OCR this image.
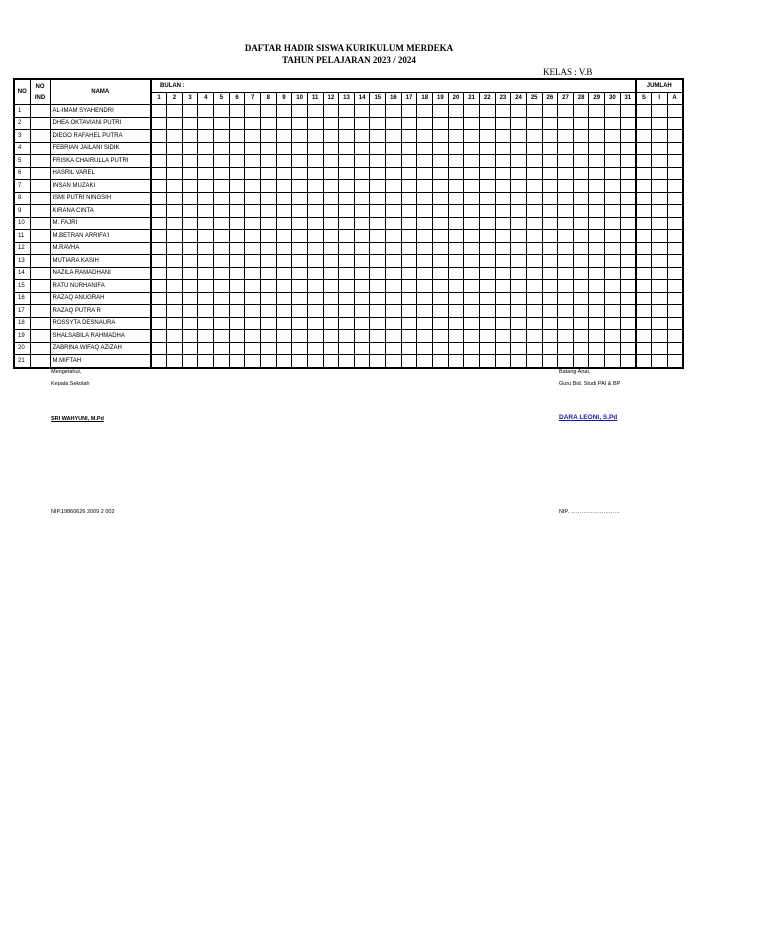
DAFTAR HADIR SISWA KURIKULUM MERDEKA
TAHUN PELAJARAN 2023 / 2024
KELAS : V.B
NO	NO
IND	NAMA	BULAN :																															JUMLAH		
			1	2	3	4	5	6	7	8	9	10	11	12	13	14	15	16	17	18	19	20	21	22	23	24	25	26	27	28	29	30	31	S	I	A
1		AL-IMAM SYAHENDRI																																		
2		DHEA OKTAVIANI PUTRI																																		
3		DIEGO RAFAHEL PUTRA																																		
4		FEBRIAN JAILANI SIDIK																																		
5		FRISKA CHAIRULLA PUTRI																																		
6		HASRIL VAREL																																		
7		INSAN MUZAKI																																		
8		ISMI PUTRI NINGSIH																																		
9		KIRANA CINTA																																		
10		M. FAJRI																																		
11		M.BETRAN ARRIFA'I																																		
12		M.RAVHA																																		
13		MUTIARA KASIH																																		
14		NAZILA RAMADHANI																																		
15		RATU NURHANIFA																																		
16		RAZAQ ANUGRAH																																		
17		RAZAQ PUTRA R																																		
18		ROSSYTA DESNAURA																																		
19		SHALSABILA RAHMADHA																																		
20		ZABRINA WIFAQ AZIZAH																																		
21		M.MIFTAH																																		
Mengetahui,
Kepala Sekolah
SRI WAHYUNI, M.Pd
NIP.19860626 2009 2 002
Batang Anai,
Guru Bid. Studi PAI & BP
DARA LEONI, S.Pd
NIP. ………………………
